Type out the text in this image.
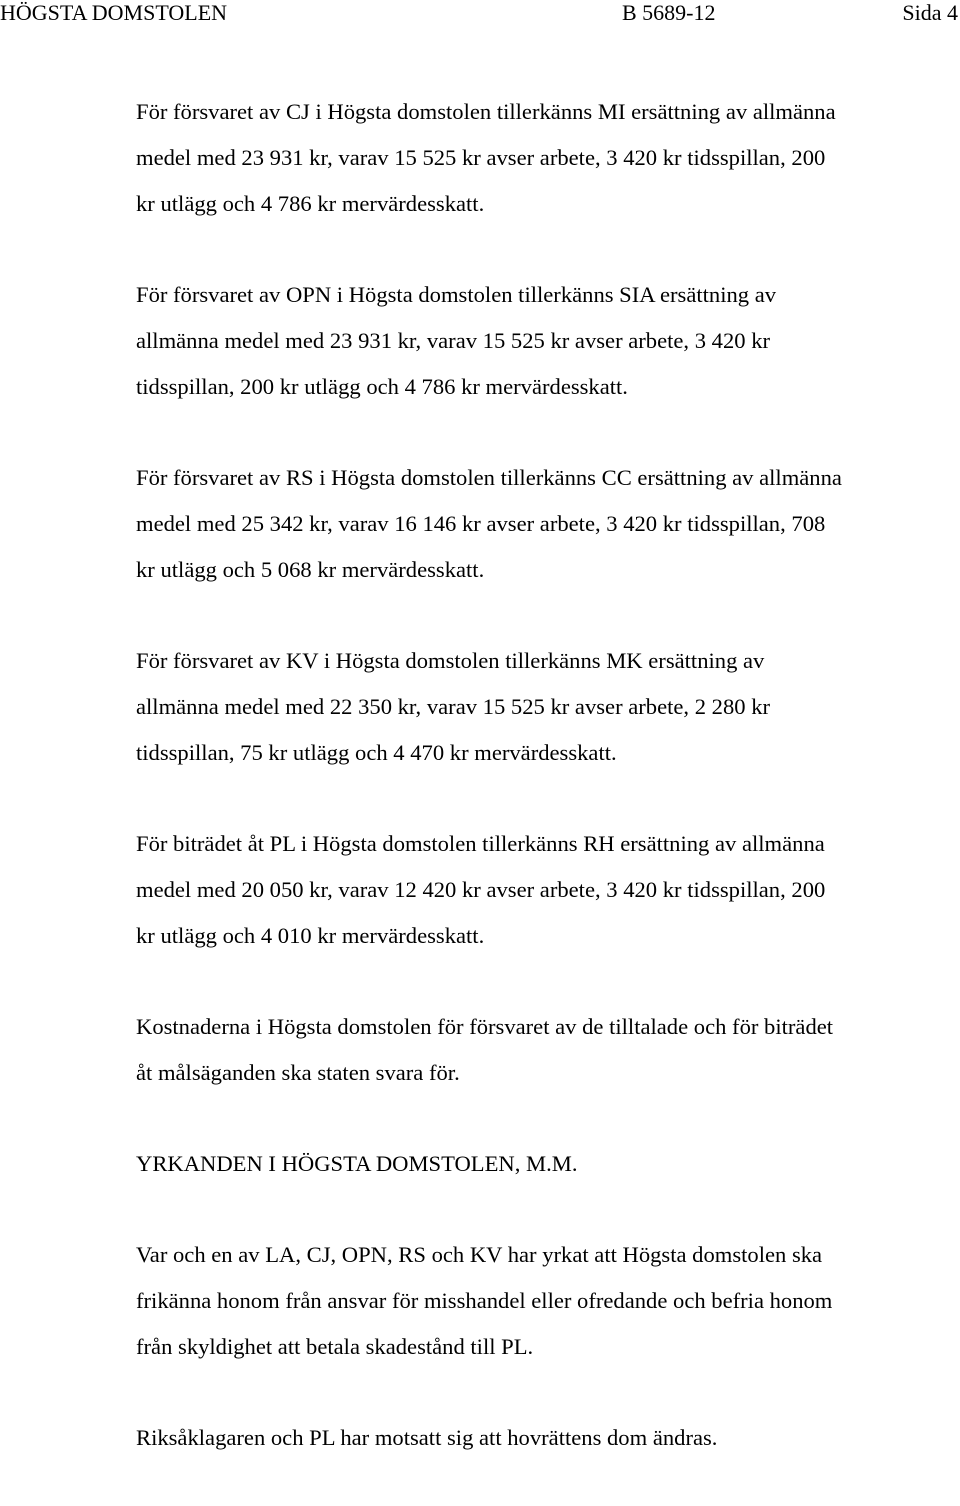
HÖGSTA DOMSTOLEN	B 5689-12	Sida 4

För försvaret av CJ i Högsta domstolen tillerkänns MI ersättning av allmänna
medel med 23 931 kr, varav 15 525 kr avser arbete, 3 420 kr tidsspillan, 200
kr utlägg och 4 786 kr mervärdesskatt.

För försvaret av OPN i Högsta domstolen tillerkänns SIA ersättning av
allmänna medel med 23 931 kr, varav 15 525 kr avser arbete, 3 420 kr
tidsspillan, 200 kr utlägg och 4 786 kr mervärdesskatt.

För försvaret av RS i Högsta domstolen tillerkänns CC ersättning av allmänna
medel med 25 342 kr, varav 16 146 kr avser arbete, 3 420 kr tidsspillan, 708
kr utlägg och 5 068 kr mervärdesskatt.

För försvaret av KV i Högsta domstolen tillerkänns MK ersättning av
allmänna medel med 22 350 kr, varav 15 525 kr avser arbete, 2 280 kr
tidsspillan, 75 kr utlägg och 4 470 kr mervärdesskatt.

För biträdet åt PL i Högsta domstolen tillerkänns RH ersättning av allmänna
medel med 20 050 kr, varav 12 420 kr avser arbete, 3 420 kr tidsspillan, 200
kr utlägg och 4 010 kr mervärdesskatt.

Kostnaderna i Högsta domstolen för försvaret av de tilltalade och för biträdet
åt målsäganden ska staten svara för.

YRKANDEN I HÖGSTA DOMSTOLEN, M.M.

Var och en av LA, CJ, OPN, RS och KV har yrkat att Högsta domstolen ska
frikänna honom från ansvar för misshandel eller ofredande och befria honom
från skyldighet att betala skadestånd till PL.

Riksåklagaren och PL har motsatt sig att hovrättens dom ändras.
